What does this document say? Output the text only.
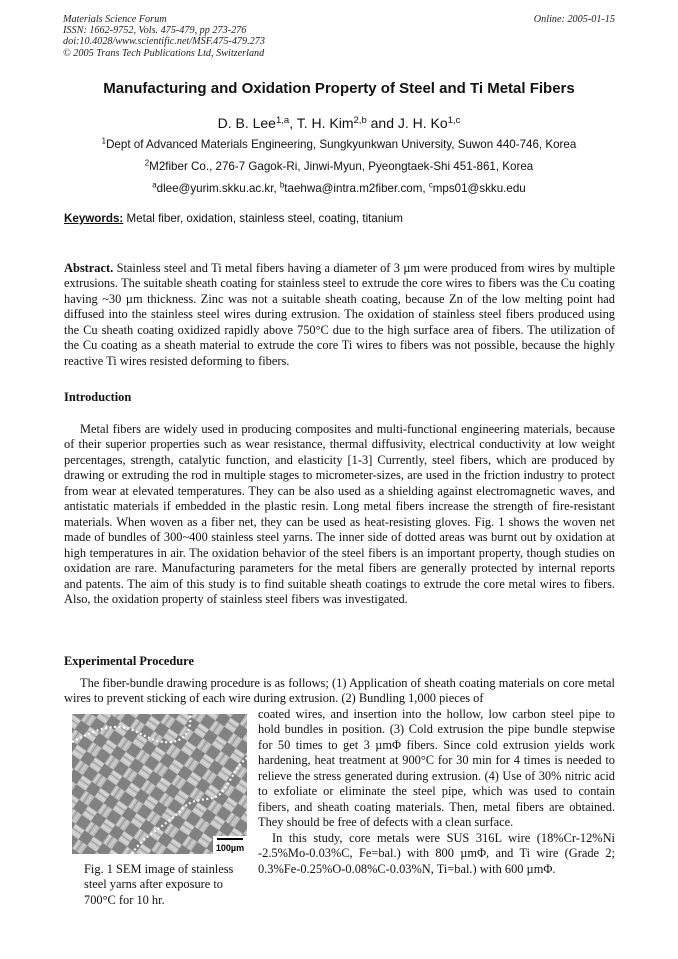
Materials Science Forum
ISSN: 1662-9752, Vols. 475-479, pp 273-276
doi:10.4028/www.scientific.net/MSF.475-479.273
© 2005 Trans Tech Publications Ltd, Switzerland
Online: 2005-01-15
Manufacturing and Oxidation Property of Steel and Ti Metal Fibers
D. B. Lee$^{1,a}$, T. H. Kim$^{2,b}$ and J. H. Ko$^{1,c}$
$^1$Dept of Advanced Materials Engineering, Sungkyunkwan University, Suwon 440-746, Korea
$^2$M2fiber Co., 276-7 Gagok-Ri, Jinwi-Myun, Pyeongtaek-Shi 451-861, Korea
$^a$dlee@yurim.skku.ac.kr, $^b$taehwa@intra.m2fiber.com, $^c$mps01@skku.edu
Keywords: Metal fiber, oxidation, stainless steel, coating, titanium

Abstract. Stainless steel and Ti metal fibers having a diameter of 3 µm were produced from wires by multiple extrusions. The suitable sheath coating for stainless steel to extrude the core wires to fibers was the Cu coating having ~30 µm thickness. Zinc was not a suitable sheath coating, because Zn of the low melting point had diffused into the stainless steel wires during extrusion. The oxidation of stainless steel fibers produced using the Cu sheath coating oxidized rapidly above 750°C due to the high surface area of fibers. The utilization of the Cu coating as a sheath material to extrude the core Ti wires to fibers was not possible, because the highly reactive Ti wires resisted deforming to fibers.

Introduction

Metal fibers are widely used in producing composites and multi-functional engineering materials, because of their superior properties such as wear resistance, thermal diffusivity, electrical conductivity at low weight percentages, strength, catalytic function, and elasticity [1-3] Currently, steel fibers, which are produced by drawing or extruding the rod in multiple stages to micrometer-sizes, are used in the friction industry to protect from wear at elevated temperatures. They can be also used as a shielding against electromagnetic waves, and antistatic materials if embedded in the plastic resin. Long metal fibers increase the strength of fire-resistant materials. When woven as a fiber net, they can be used as heat-resisting gloves. Fig. 1 shows the woven net made of bundles of 300~400 stainless steel yarns. The inner side of dotted areas was burnt out by oxidation at high temperatures in air. The oxidation behavior of the steel fibers is an important property, though studies on oxidation are rare. Manufacturing parameters for the metal fibers are generally protected by internal reports and patents. The aim of this study is to find suitable sheath coatings to extrude the core metal wires to fibers. Also, the oxidation property of stainless steel fibers was investigated.

Experimental Procedure

The fiber-bundle drawing procedure is as follows; (1) Application of sheath coating materials on core metal wires to prevent sticking of each wire during extrusion. (2) Bundling 1,000 pieces of

100µm
Fig. 1 SEM image of stainless steel yarns after exposure to 700°C for 10 hr.

coated wires, and insertion into the hollow, low carbon steel pipe to hold bundles in position. (3) Cold extrusion the pipe bundle stepwise for 50 times to get 3 µmΦ fibers. Since cold extrusion yields work hardening, heat treatment at 900°C for 30 min for 4 times is needed to relieve the stress generated during extrusion. (4) Use of 30% nitric acid to exfoliate or eliminate the steel pipe, which was used to contain fibers, and sheath coating materials. Then, metal fibers are obtained. They should be free of defects with a clean surface.

In this study, core metals were SUS 316L wire (18%Cr-12%Ni -2.5%Mo-0.03%C, Fe=bal.) with 800 µmΦ, and Ti wire (Grade 2; 0.3%Fe-0.25%O-0.08%C-0.03%N, Ti=bal.) with 600 µmΦ.
